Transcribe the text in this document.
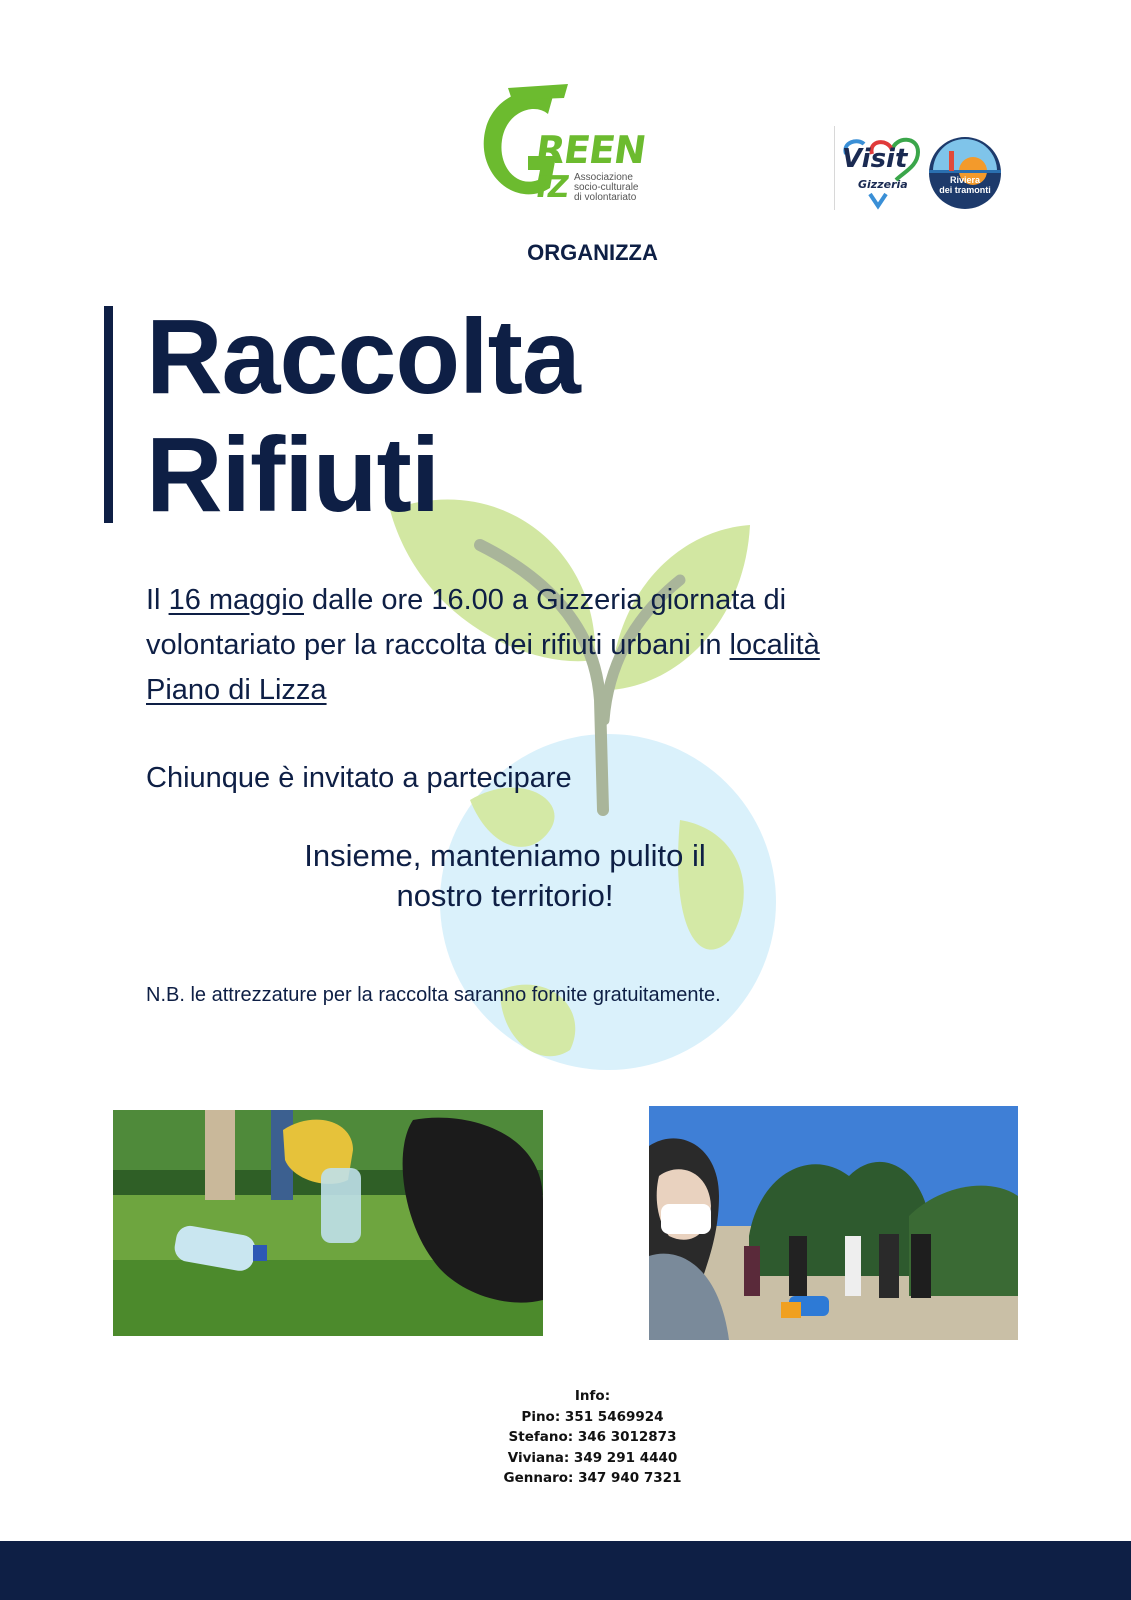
REEN
IZ Associazione
socio-culturale
di volontariato
Visit
Gizzeria	Riviera
dei tramonti
ORGANIZZA
Raccolta
Rifiuti

Il 16 maggio dalle ore 16.00 a Gizzeria giornata di volontariato per la raccolta dei rifiuti urbani in località Piano di Lizza

Chiunque è invitato a partecipare

Insieme, manteniamo pulito il
nostro territorio!

N.B. le attrezzature per la raccolta saranno fornite gratuitamente.

Info:
Pino: 351 5469924
Stefano: 346 3012873
Viviana: 349 291 4440
Gennaro: 347 940 7321
